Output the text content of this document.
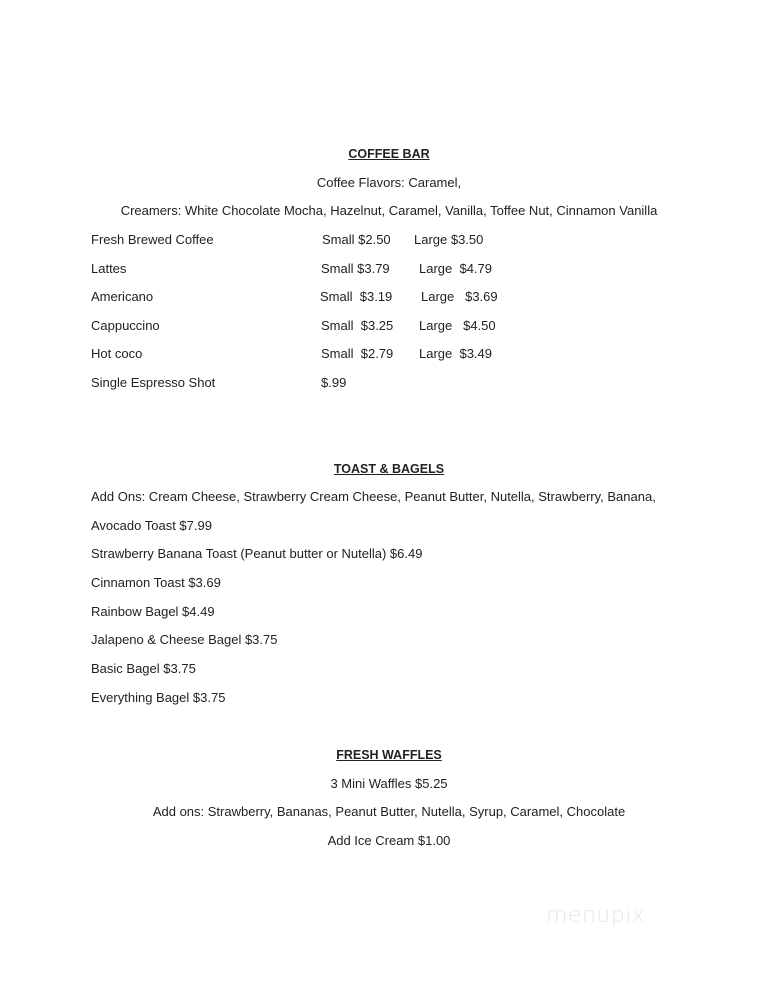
COFFEE BAR
Coffee Flavors: Caramel,
Creamers: White Chocolate Mocha, Hazelnut, Caramel, Vanilla, Toffee Nut, Cinnamon Vanilla
Fresh Brewed Coffee	Small $2.50 Large $3.50
Lattes	Small $3.79 Large  $4.79
Americano	Small  $3.19 Large   $3.69
Cappuccino	Small  $3.25 Large   $4.50
Hot coco	Small  $2.79 Large  $3.49
Single Espresso Shot	$.99
TOAST & BAGELS
Add Ons: Cream Cheese, Strawberry Cream Cheese, Peanut Butter, Nutella, Strawberry, Banana,
Avocado Toast $7.99
Strawberry Banana Toast (Peanut butter or Nutella) $6.49
Cinnamon Toast $3.69
Rainbow Bagel $4.49
Jalapeno & Cheese Bagel $3.75
Basic Bagel $3.75
Everything Bagel $3.75
FRESH WAFFLES
3 Mini Waffles $5.25
Add ons: Strawberry, Bananas, Peanut Butter, Nutella, Syrup, Caramel, Chocolate
Add Ice Cream $1.00
menupix
